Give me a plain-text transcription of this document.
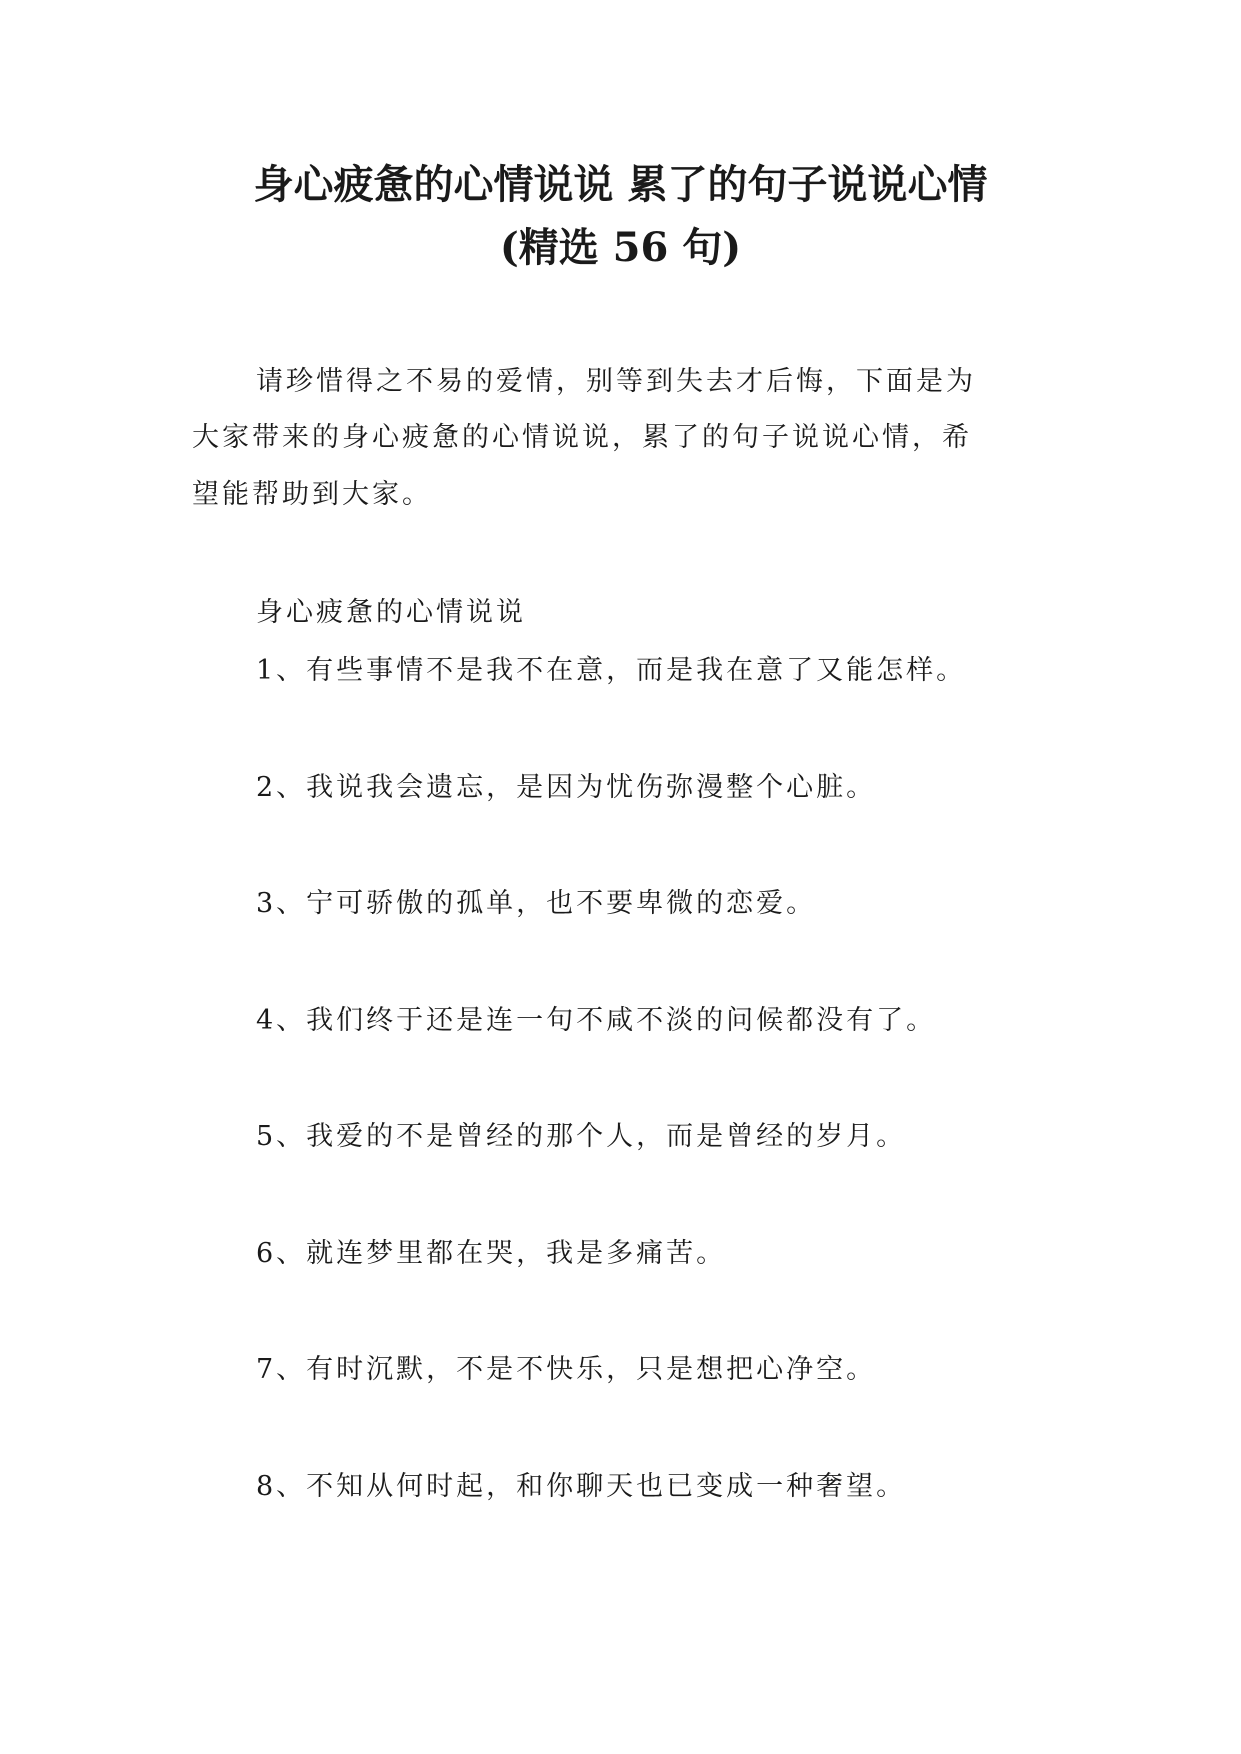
身心疲惫的心情说说 累了的句子说说心情
(精选 56 句)
请珍惜得之不易的爱情，别等到失去才后悔，下面是为
大家带来的身心疲惫的心情说说，累了的句子说说心情，希
望能帮助到大家。
身心疲惫的心情说说
1、有些事情不是我不在意，而是我在意了又能怎样。
2、我说我会遗忘，是因为忧伤弥漫整个心脏。
3、宁可骄傲的孤单，也不要卑微的恋爱。
4、我们终于还是连一句不咸不淡的问候都没有了。
5、我爱的不是曾经的那个人，而是曾经的岁月。
6、就连梦里都在哭，我是多痛苦。
7、有时沉默，不是不快乐，只是想把心净空。
8、不知从何时起，和你聊天也已变成一种奢望。
